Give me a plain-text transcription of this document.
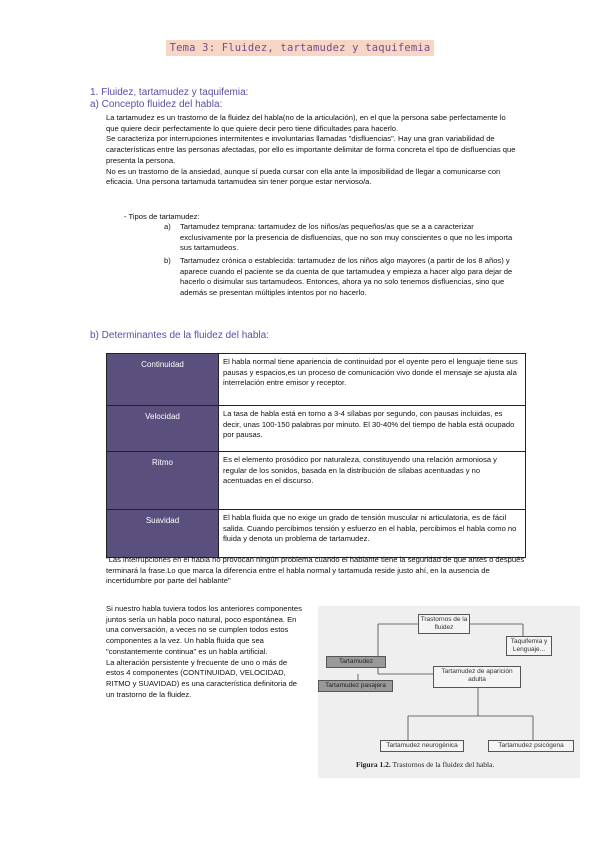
Tema 3: Fluidez, tartamudez y taquifemia
1. Fluidez, tartamudez y taquifemia:
a) Concepto fluidez del habla:

La tartamudez es un trastorno de la fluidez del habla(no de la articulación), en el que la persona sabe perfectamente lo que quiere decir perfectamente lo que quiere decir pero tiene dificultades para hacerlo.

Se caracteriza por interrupciones intermitentes e involuntarias llamadas "disfluencias". Hay una gran variabilidad de características entre las personas afectadas, por ello es importante delimitar de forma concreta el tipo de disfluencias que presenta la persona.

No es un trastorno de la ansiedad, aunque sí pueda cursar con ella ante la imposibilidad de llegar a comunicarse con eficacia. Una persona tartamuda tartamudea sin tener porque estar nervioso/a.

- Tipos de tartamudez:
a) Tartamudez temprana: tartamudez de los niños/as pequeños/as que se a a caracterizar exclusivamente por la presencia de disfluencias, que no son muy conscientes o que no les importa sus tartamudeos.
b) Tartamudez crónica o establecida: tartamudez de los niños algo mayores (a partir de los 8 años) y aparece cuando el paciente se da cuenta de que tartamudea y empieza a hacer algo para dejar de hacerlo o disimular sus tartamudeos. Entonces, ahora ya no solo tenemos disfluencias, sino que además se presentan múltiples intentos por no hacerlo.
b) Determinantes de la fluidez del habla:
Continuidad	El habla normal tiene apariencia de continuidad por el oyente pero el lenguaje tiene sus pausas y espacios,es un proceso de comunicación vivo donde el mensaje se ajusta ala interrelación entre emisor y receptor.
Velocidad	La tasa de habla está en torno a 3-4 sílabas por segundo, con pausas incluidas, es decir, unas 100-150 palabras por minuto. El 30-40% del tiempo de habla está ocupado por pausas.
Ritmo	Es el elemento prosódico por naturaleza, constituyendo una relación armoniosa y regular de los sonidos, basada en la distribución de sílabas acentuadas y no acentuadas en el discurso.
Suavidad	El habla fluida que no exige un grado de tensión muscular ni articulatoria, es de fácil salida. Cuando percibimos tensión y esfuerzo en el habla, percibimos el habla como no fluida y denota un problema de tartamudez.
"Las interrupciones en el habla no provocan ningún problema cuando el hablante tiene la seguridad de que antes o después terminará la frase.Lo que marca la diferencia entre el habla normal y tartamuda reside justo ahí, en la ausencia de incertidumbre por parte del hablante"

Si nuestro habla tuviera todos los anteriores componentes juntos sería un habla poco natural, poco espontánea. En una conversación, a veces no se cumplen todos estos componentes a la vez. Un habla fluida que sea "constantemente continua" es un habla artificial.

La alteración persistente y frecuente de uno o más de estos 4 componentes (CONTINUIDAD, VELOCIDAD, RITMO y SUAVIDAD) es una característica definitoria de un trastorno de la fluidez.

Trastornos de la fluidez
Tartamudez
Taquifemia y Lenguaje...
Tartamudez pasajera
Tartamudez de aparición adulta
Tartamudez neurogénica	Tartamudez psicógena
Figura 1.2. Trastornos de la fluidez del habla.
